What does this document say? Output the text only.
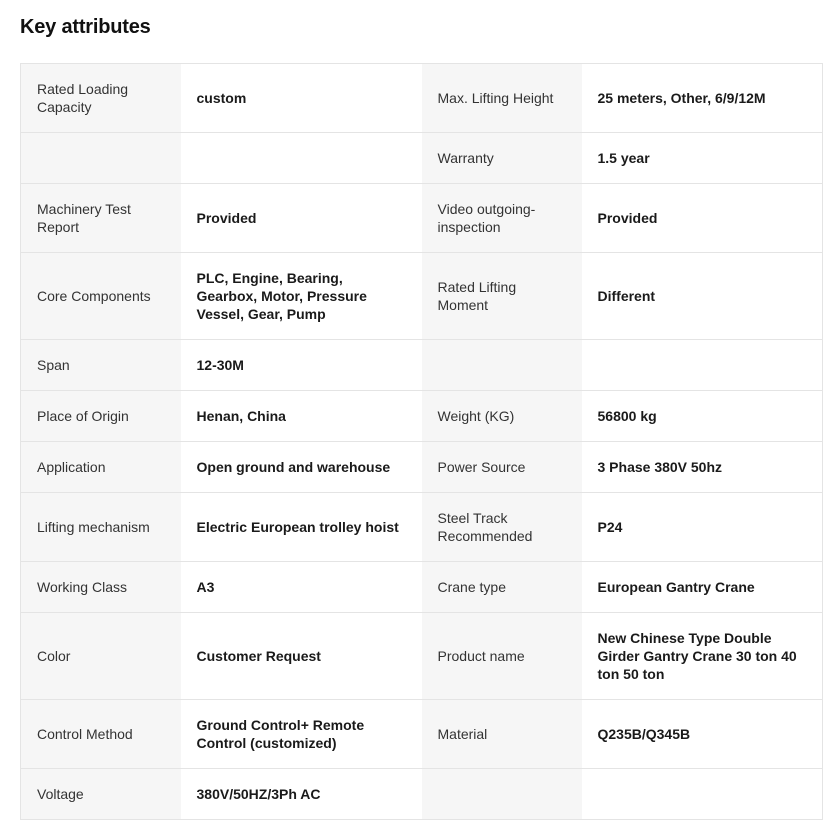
Key attributes
Rated Loading Capacity	custom	Max. Lifting Height	25 meters, Other, 6/9/12M
		Warranty	1.5 year
Machinery Test Report	Provided	Video outgoing-inspection	Provided
Core Components	PLC, Engine, Bearing, Gearbox, Motor, Pressure Vessel, Gear, Pump	Rated Lifting Moment	Different
Span	12-30M		
Place of Origin	Henan, China	Weight (KG)	56800 kg
Application	Open ground and warehouse	Power Source	3 Phase 380V 50hz
Lifting mechanism	Electric European trolley hoist	Steel Track Recommended	P24
Working Class	A3	Crane type	European Gantry Crane
Color	Customer Request	Product name	New Chinese Type Double Girder Gantry Crane 30 ton 40 ton 50 ton
Control Method	Ground Control+ Remote Control (customized)	Material	Q235B/Q345B
Voltage	380V/50HZ/3Ph AC		
